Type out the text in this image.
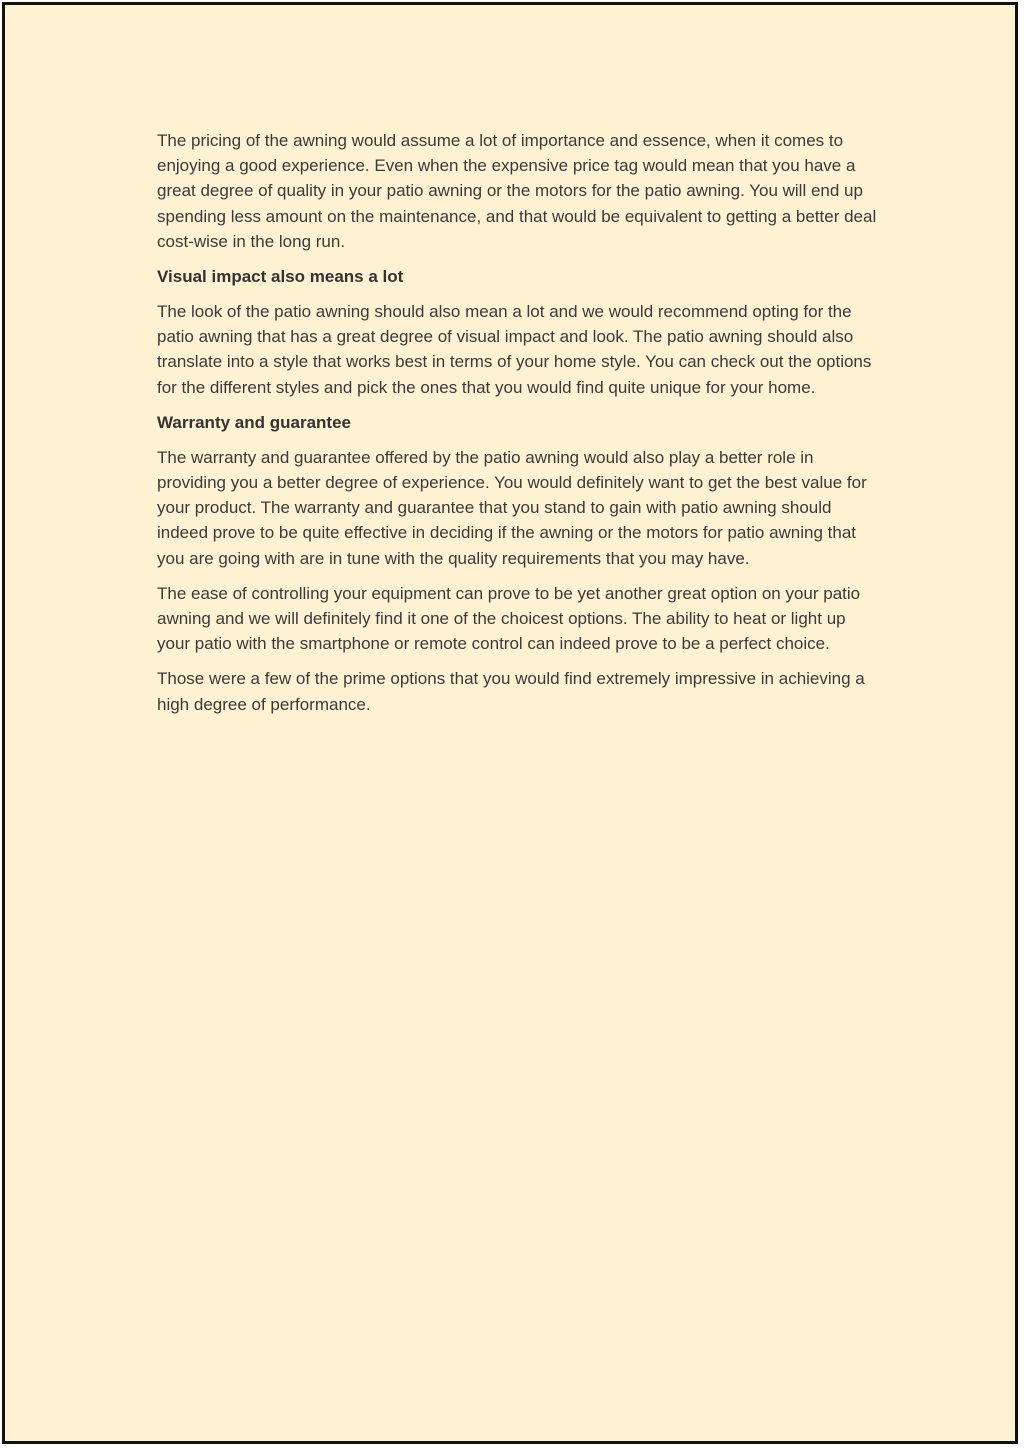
The pricing of the awning would assume a lot of importance and essence, when it comes to enjoying a good experience. Even when the expensive price tag would mean that you have a great degree of quality in your patio awning or the motors for the patio awning. You will end up spending less amount on the maintenance, and that would be equivalent to getting a better deal cost-wise in the long run.

Visual impact also means a lot

The look of the patio awning should also mean a lot and we would recommend opting for the patio awning that has a great degree of visual impact and look. The patio awning should also translate into a style that works best in terms of your home style. You can check out the options for the different styles and pick the ones that you would find quite unique for your home.

Warranty and guarantee

The warranty and guarantee offered by the patio awning would also play a better role in providing you a better degree of experience. You would definitely want to get the best value for your product. The warranty and guarantee that you stand to gain with patio awning should indeed prove to be quite effective in deciding if the awning or the motors for patio awning that you are going with are in tune with the quality requirements that you may have.

The ease of controlling your equipment can prove to be yet another great option on your patio awning and we will definitely find it one of the choicest options. The ability to heat or light up your patio with the smartphone or remote control can indeed prove to be a perfect choice.

Those were a few of the prime options that you would find extremely impressive in achieving a high degree of performance.
